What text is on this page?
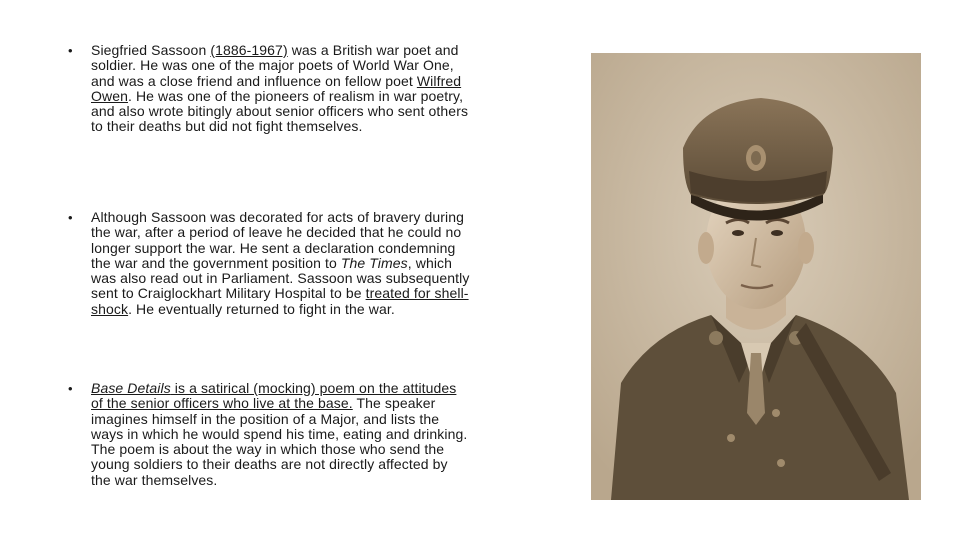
• Siegfried Sassoon (1886-1967) was a British war poet and soldier. He was one of the major poets of World War One, and was a close friend and influence on fellow poet Wilfred Owen. He was one of the pioneers of realism in war poetry, and also wrote bitingly about senior officers who sent others to their deaths but did not fight themselves.
• Although Sassoon was decorated for acts of bravery during the war, after a period of leave he decided that he could no longer support the war. He sent a declaration condemning the war and the government position to The Times, which was also read out in Parliament. Sassoon was subsequently sent to Craiglockhart Military Hospital to be treated for shell-shock. He eventually returned to fight in the war.
• Base Details is a satirical (mocking) poem on the attitudes of the senior officers who live at the base. The speaker imagines himself in the position of a Major, and lists the ways in which he would spend his time, eating and drinking. The poem is about the way in which those who send the young soldiers to their deaths are not directly affected by the war themselves.
